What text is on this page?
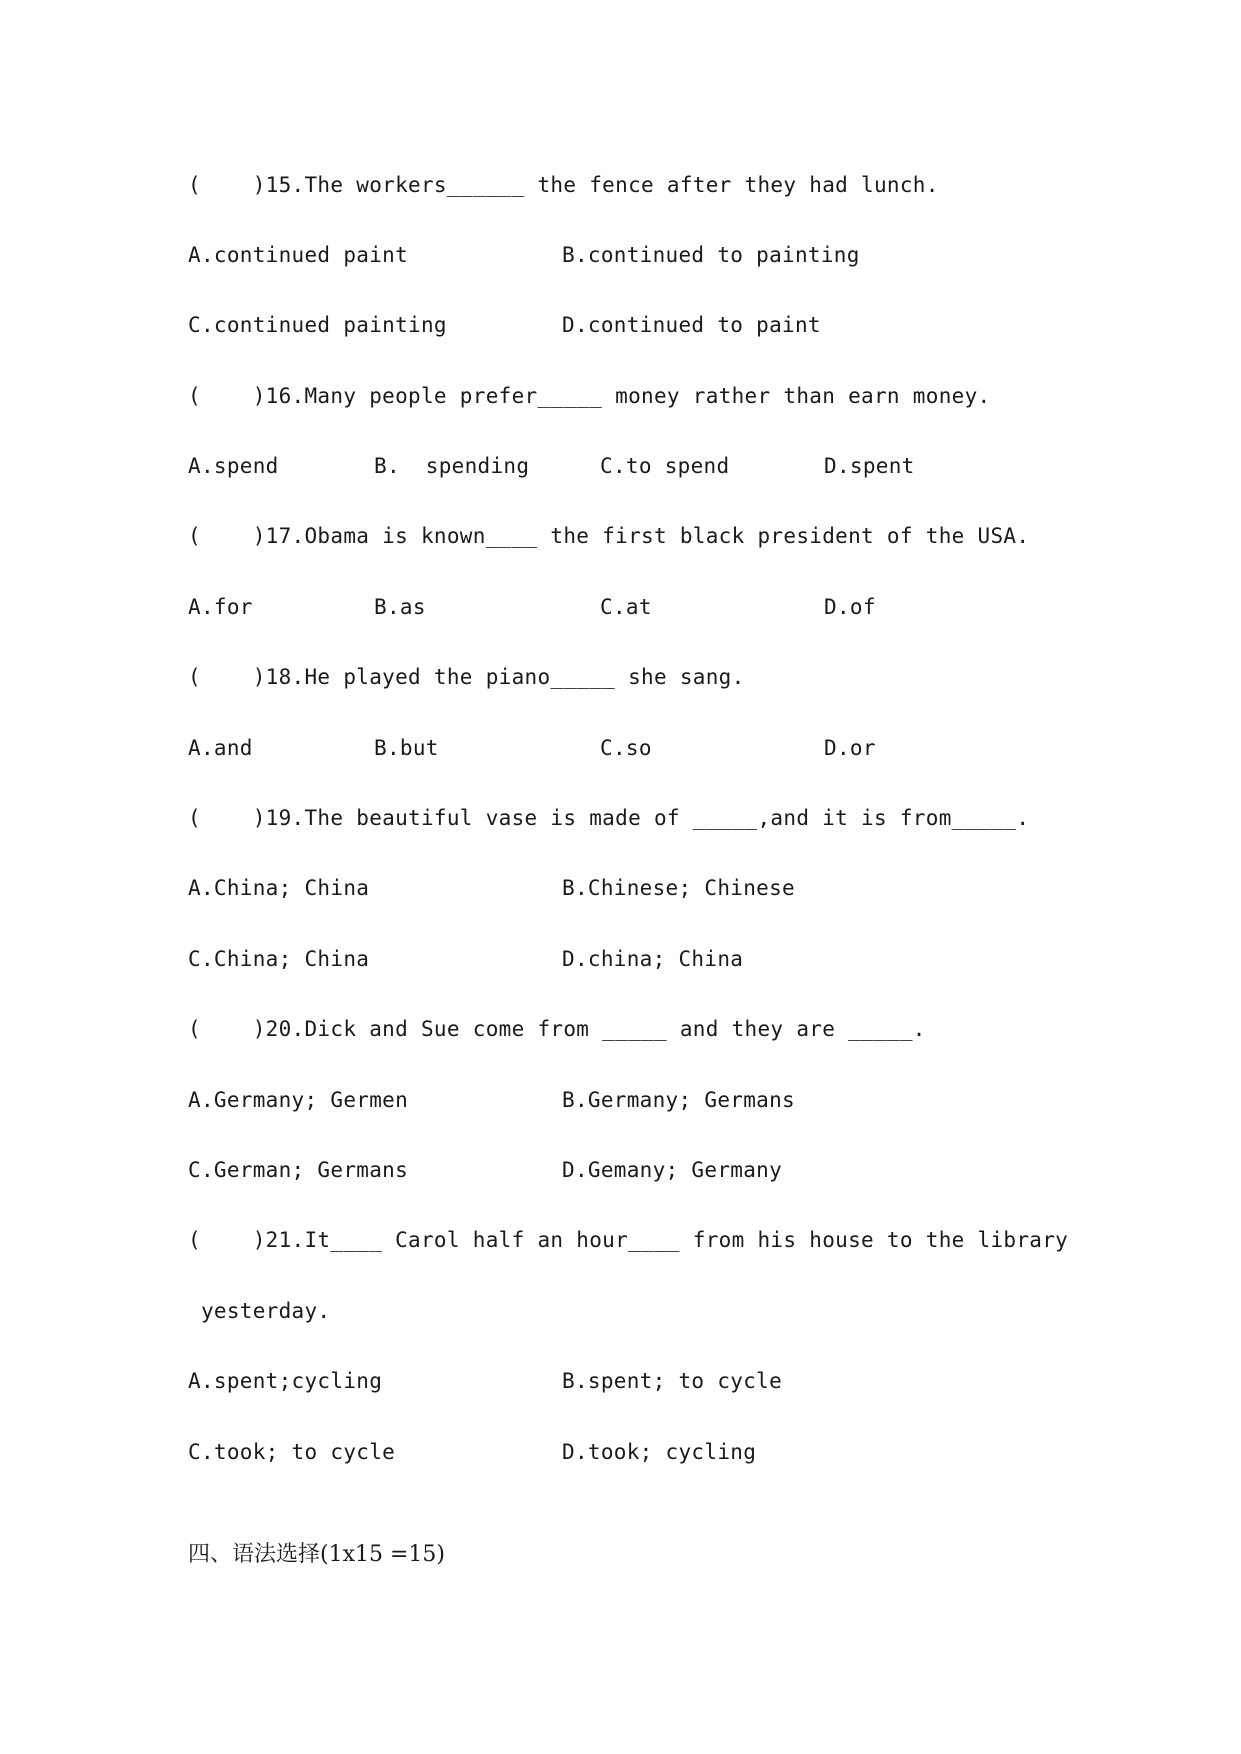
(    )15.The workers______ the fence after they had lunch.
A.continued paint	B.continued to painting
C.continued painting	D.continued to paint
(    )16.Many people prefer_____ money rather than earn money.
A.spend	B.  spending	C.to spend	D.spent
(    )17.Obama is known____ the first black president of the USA.
A.for	B.as	C.at	D.of
(    )18.He played the piano_____ she sang.
A.and	B.but	C.so	D.or
(    )19.The beautiful vase is made of _____,and it is from_____.
A.China; China	B.Chinese; Chinese
C.China; China	D.china; China
(    )20.Dick and Sue come from _____ and they are _____.
A.Germany; Germen	B.Germany; Germans
C.German; Germans	D.Gemany; Germany
(    )21.It____ Carol half an hour____ from his house to the library
yesterday.
A.spent;cycling	B.spent; to cycle
C.took; to cycle	D.took; cycling
四、语法选择(1x15 =15)
